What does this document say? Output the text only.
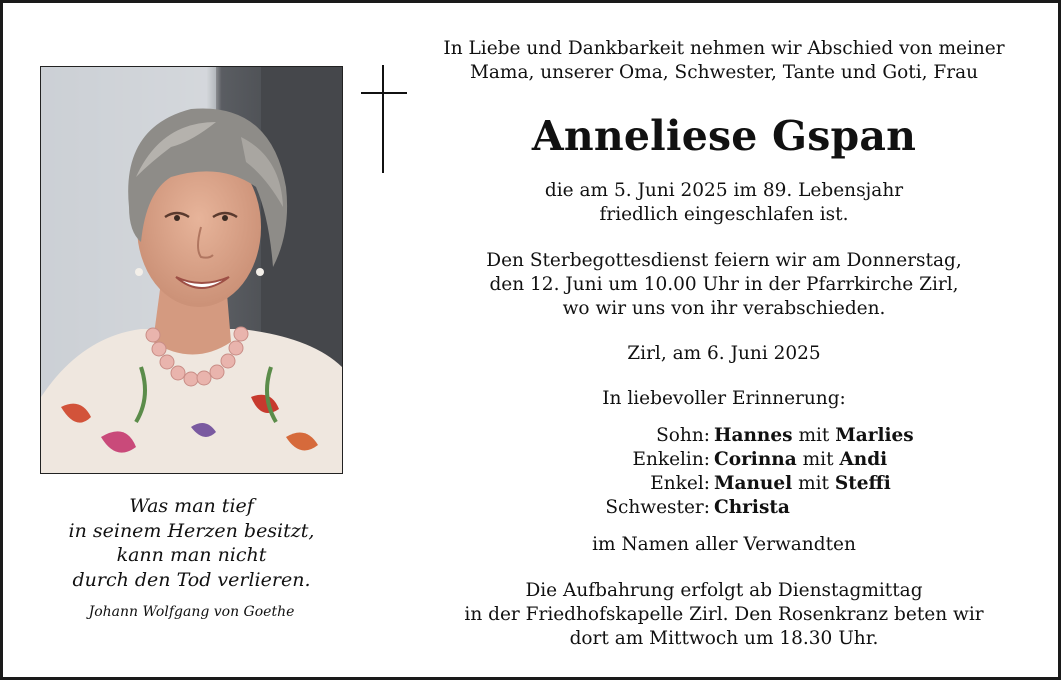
Was man tief
in seinem Herzen besitzt,
kann man nicht
durch den Tod verlieren.
Johann Wolfgang von Goethe
In Liebe und Dankbarkeit nehmen wir Abschied von meiner
Mama, unserer Oma, Schwester, Tante und Goti, Frau
Anneliese Gspan
die am 5. Juni 2025 im 89. Lebensjahr
friedlich eingeschlafen ist.
Den Sterbegottesdienst feiern wir am Donnerstag,
den 12. Juni um 10.00 Uhr in der Pfarrkirche Zirl,
wo wir uns von ihr verabschieden.
Zirl, am 6. Juni 2025
In liebevoller Erinnerung:
Sohn: Hannes mit Marlies
Enkelin: Corinna mit Andi
Enkel: Manuel mit Steffi
Schwester: Christa
im Namen aller Verwandten
Die Aufbahrung erfolgt ab Dienstagmittag
in der Friedhofskapelle Zirl. Den Rosenkranz beten wir
dort am Mittwoch um 18.30 Uhr.
